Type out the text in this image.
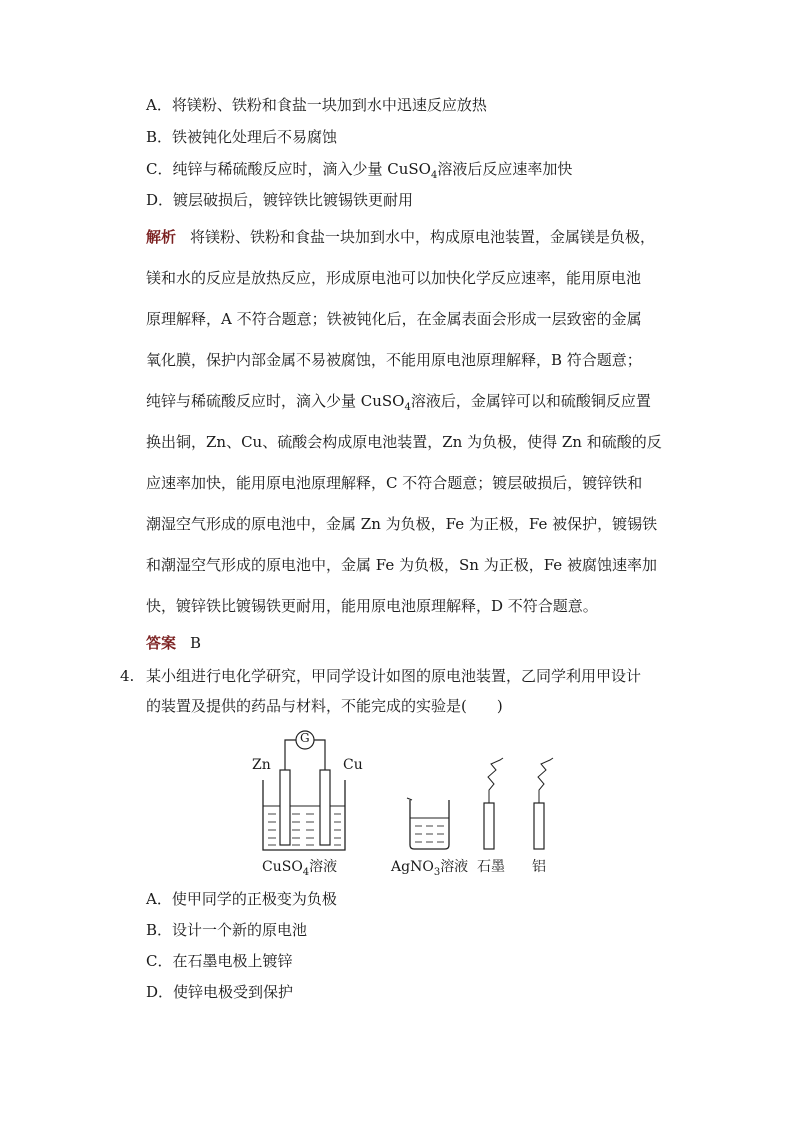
A．将镁粉、铁粉和食盐一块加到水中迅速反应放热
B．铁被钝化处理后不易腐蚀
C．纯锌与稀硫酸反应时，滴入少量 CuSO$_4$溶液后反应速率加快
D．镀层破损后，镀锌铁比镀锡铁更耐用
解析 将镁粉、铁粉和食盐一块加到水中，构成原电池装置，金属镁是负极，
镁和水的反应是放热反应，形成原电池可以加快化学反应速率，能用原电池
原理解释，A 不符合题意；铁被钝化后，在金属表面会形成一层致密的金属
氧化膜，保护内部金属不易被腐蚀，不能用原电池原理解释，B 符合题意；
纯锌与稀硫酸反应时，滴入少量 CuSO$_4$溶液后，金属锌可以和硫酸铜反应置
换出铜，Zn、Cu、硫酸会构成原电池装置，Zn 为负极，使得 Zn 和硫酸的反
应速率加快，能用原电池原理解释，C 不符合题意；镀层破损后，镀锌铁和
潮湿空气形成的原电池中，金属 Zn 为负极，Fe 为正极，Fe 被保护，镀锡铁
和潮湿空气形成的原电池中，金属 Fe 为负极，Sn 为正极，Fe 被腐蚀速率加
快，镀锌铁比镀锡铁更耐用，能用原电池原理解释，D 不符合题意。
答案 B
4. 某小组进行电化学研究，甲同学设计如图的原电池装置，乙同学利用甲设计
的装置及提供的药品与材料，不能完成的实验是(　　)
G
Zn	Cu
CuSO$_4$溶液	AgNO$_3$溶液 石墨 铝
A．使甲同学的正极变为负极
B．设计一个新的原电池
C．在石墨电极上镀锌
D．使锌电极受到保护
